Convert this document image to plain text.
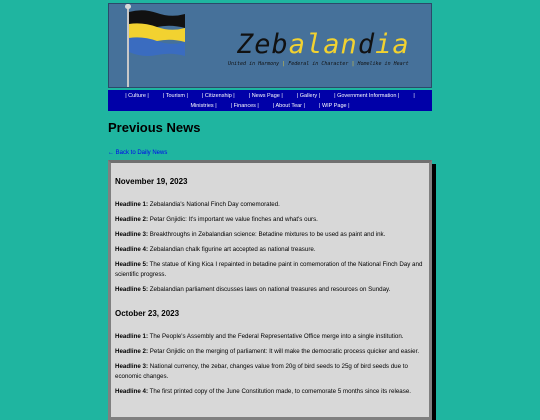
Zebalandia
United in Harmony | Federal in Character | Homelike in Heart
| Culture |	| Tourism |	| Citizenship |	| News Page |	| Gallery |	| Government Information |	|
Ministries |	| Finances |	| About Tear |	| WIP Page |
Previous News
← Back to Daily News
November 19, 2023
Headline 1: Zebalandia's National Finch Day comemorated.
Headline 2: Petar Gnjidic: It's important we value finches and what's ours.
Headline 3: Breakthroughs in Zebalandian science: Betadine mixtures to be used as paint and ink.
Headline 4: Zebalandian chalk figurine art accepted as national treasure.
Headline 5: The statue of King Kica I repainted in betadine paint in comemoration of the National Finch Day and scientific progress.
Headline 5: Zebalandian parliament discusses laws on national treasures and resources on Sunday.
October 23, 2023
Headline 1: The People's Assembly and the Federal Representative Office merge into a single institution.
Headline 2: Petar Gnjidic on the merging of parliament: It will make the democratic process quicker and easier.
Headline 3: National currency, the zebar, changes value from 20g of bird seeds to 25g of bird seeds due to economic changes.
Headline 4: The first printed copy of the June Constitution made, to comemorate 5 months since its release.
